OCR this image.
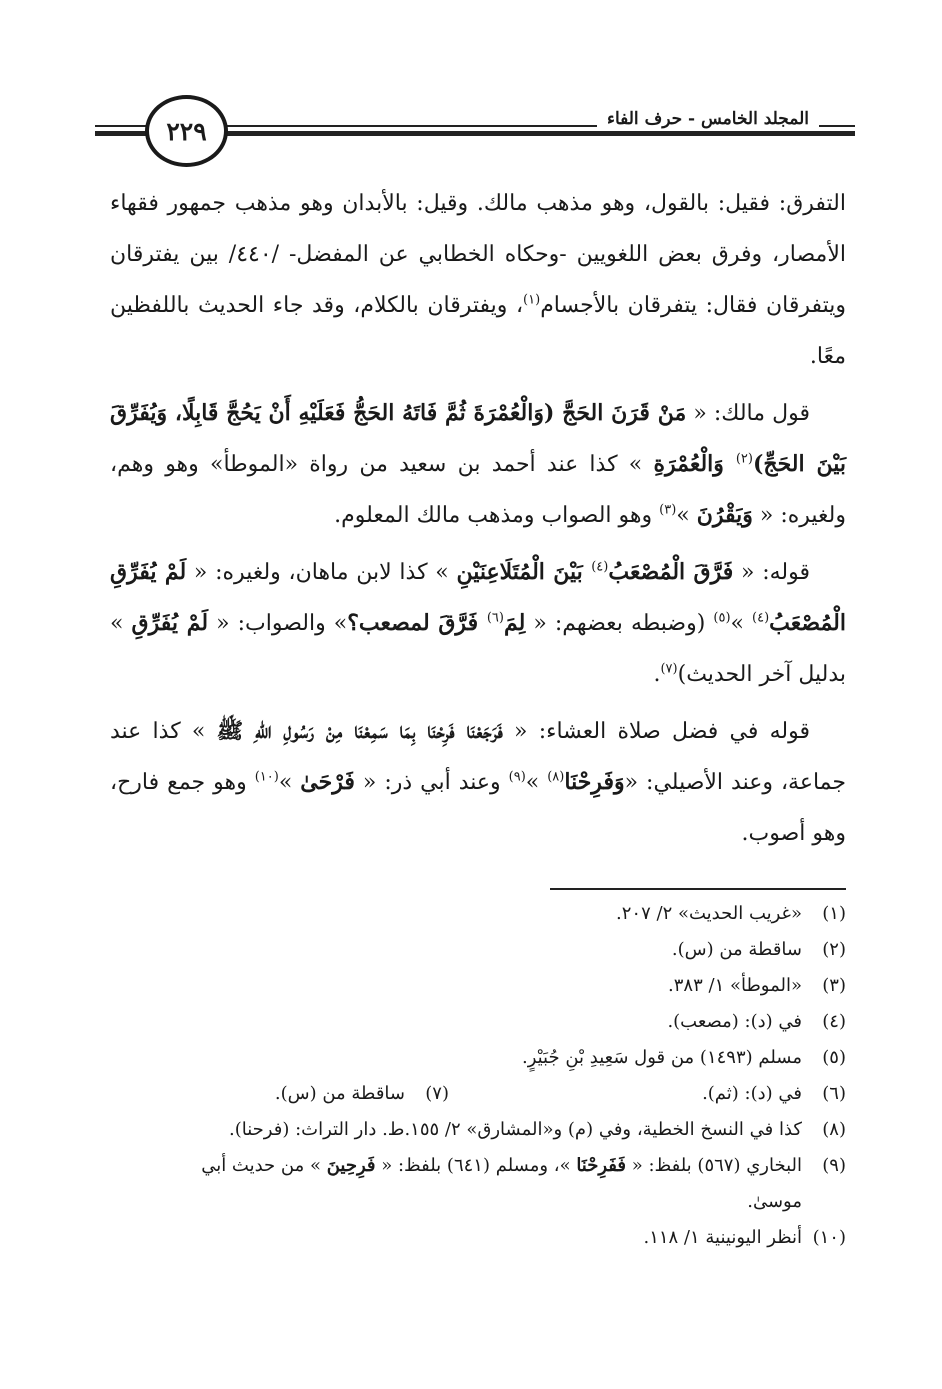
٢٢٩	المجلد الخامس - حرف الفاء

التفرق: فقيل: بالقول، وهو مذهب مالك. وقيل: بالأبدان وهو مذهب جمهور فقهاء الأمصار، وفرق بعض اللغويين -وحكاه الخطابي عن المفضل- /٤٤٠/ بين يفترقان ويتفرقان فقال: يتفرقان بالأجسام$^{(١)}$، ويفترقان بالكلام، وقد جاء الحديث باللفظين معًا.

قول مالك: « مَنْ قَرَنَ الحَجَّ (وَالْعُمْرَةَ ثُمَّ فَاتَهُ الحَجُّ فَعَلَيْهِ أَنْ يَحُجَّ قَابِلًا، وَيُفَرِّقَ بَيْنَ الحَجِّ)$^{(٢)}$ وَالْعُمْرَةِ » كذا عند أحمد بن سعيد من رواة «الموطأ» وهو وهم، ولغيره: « وَيَقْرُنَ »$^{(٣)}$ وهو الصواب ومذهب مالك المعلوم.

قوله: « فَرَّقَ الْمُصْعَبُ$^{(٤)}$ بَيْنَ الْمُتَلَاعِنَيْنِ » كذا لابن ماهان، ولغيره: « لَمْ يُفَرِّقِ الْمُصْعَبُ$^{(٤)}$ »$^{(٥)}$ (وضبطه بعضهم: « لِمَ$^{(٦)}$ فَرَّقَ لمصعب؟» والصواب: « لَمْ يُفَرِّقِ » بدليل آخر الحديث)$^{(٧)}$.

قوله في فضل صلاة العشاء: « فَرَجَعْنَا فَرِحْنَا بِمَا سَمِعْنَا مِنْ رَسُولِ اللهِ ﷺ » كذا عند جماعة، وعند الأصيلي: «وَفَرِحْنَا$^{(٨)}$ »$^{(٩)}$ وعند أبي ذر: « فَرْحَىٰ »$^{(١٠)}$ وهو جمع فارح، وهو أصوب.

(١)
«غريب الحديث» ٢/ ٢٠٧.
(٢)
ساقطة من (س).
(٣)
«الموطأ» ١/ ٣٨٣.
(٤)
في (د): (مصعب).
(٥)
مسلم (١٤٩٣) من قول سَعِيدِ بْنِ جُبَيْرٍ.
(٦)
في (د): (ثم).
(٧)
ساقطة من (س).
(٨)
كذا في النسخ الخطية، وفي (م) و«المشارق» ٢/ ١٥٥.ط. دار التراث: (فرحنا).
(٩)
البخاري (٥٦٧) بلفظ: « فَفَرِحْنَا »، ومسلم (٦٤١) بلفظ: « فَرِحِينَ » من حديث أبي
موسىٰ.
(١٠)
أنظر اليونينية ١/ ١١٨.
